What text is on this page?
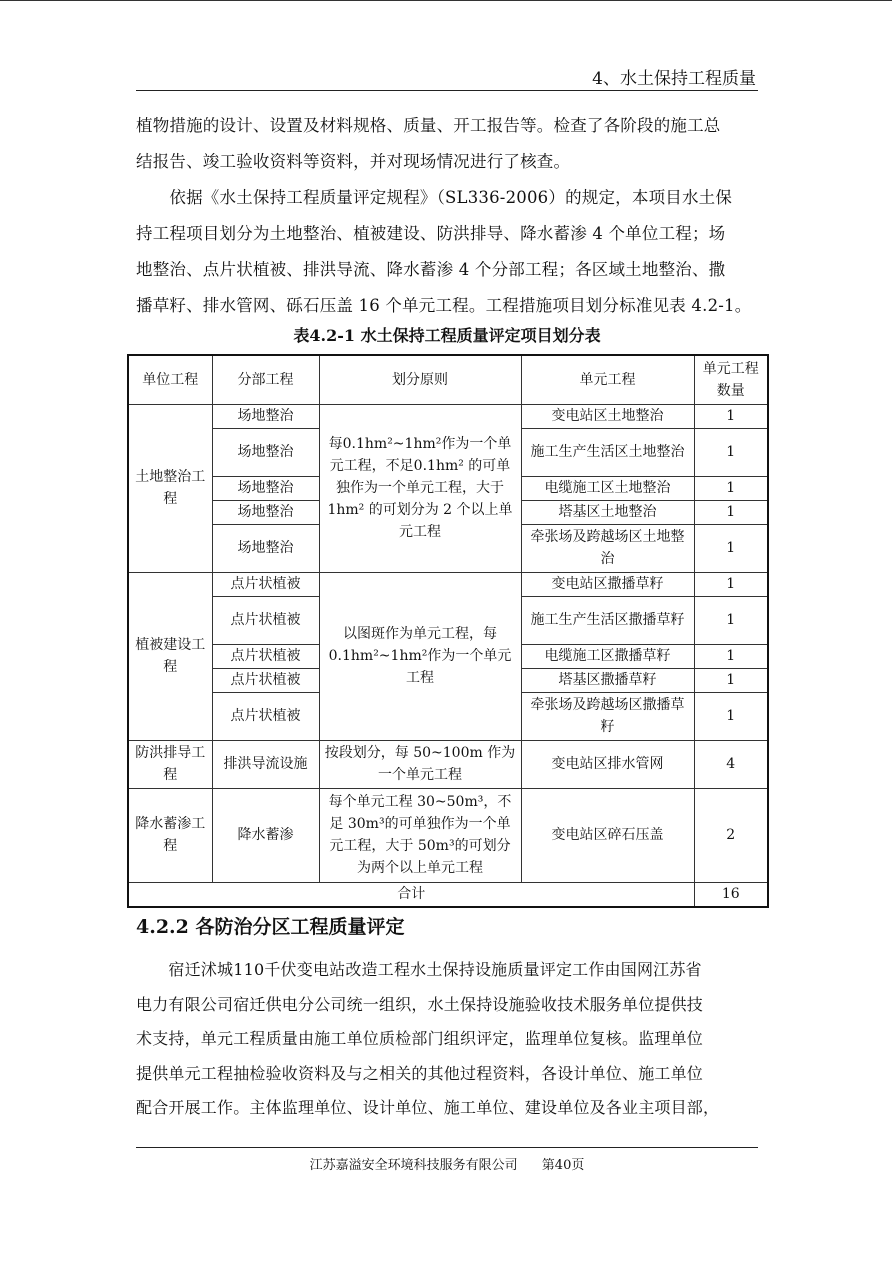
4、水土保持工程质量
植物措施的设计、设置及材料规格、质量、开工报告等。检查了各阶段的施工总
结报告、竣工验收资料等资料，并对现场情况进行了核查。
　　依据《水土保持工程质量评定规程》（SL336-2006）的规定，本项目水土保
持工程项目划分为土地整治、植被建设、防洪排导、降水蓄渗 4 个单位工程；场
地整治、点片状植被、排洪导流、降水蓄渗 4 个分部工程；各区域土地整治、撒
播草籽、排水管网、砾石压盖 16 个单元工程。工程措施项目划分标准见表 4.2-1。
表4.2-1 水土保持工程质量评定项目划分表
单位工程	分部工程	划分原则	单元工程	单元工程数量
土地整治工程	场地整治	每0.1hm²~1hm²作为一个单元工程，不足0.1hm² 的可单独作为一个单元工程，大于 1hm² 的可划分为 2 个以上单元工程	变电站区土地整治	1
	场地整治		施工生产生活区土地整治	1
	场地整治		电缆施工区土地整治	1
	场地整治		塔基区土地整治	1
	场地整治		牵张场及跨越场区土地整治	1
植被建设工程	点片状植被	以图斑作为单元工程，每0.1hm²~1hm²作为一个单元工程	变电站区撒播草籽	1
	点片状植被		施工生产生活区撒播草籽	1
	点片状植被		电缆施工区撒播草籽	1
	点片状植被		塔基区撒播草籽	1
	点片状植被		牵张场及跨越场区撒播草籽	1
防洪排导工程	排洪导流设施	按段划分，每 50~100m 作为一个单元工程	变电站区排水管网	4
降水蓄渗工程	降水蓄渗	每个单元工程 30~50m³，不足 30m³的可单独作为一个单元工程，大于 50m³的可划分为两个以上单元工程	变电站区碎石压盖	2
合计				16
4.2.2 各防治分区工程质量评定
　　宿迁沭城110千伏变电站改造工程水土保持设施质量评定工作由国网江苏省
电力有限公司宿迁供电分公司统一组织，水土保持设施验收技术服务单位提供技
术支持，单元工程质量由施工单位质检部门组织评定，监理单位复核。监理单位
提供单元工程抽检验收资料及与之相关的其他过程资料，各设计单位、施工单位
配合开展工作。主体监理单位、设计单位、施工单位、建设单位及各业主项目部，
江苏嘉溢安全环境科技服务有限公司 第40页
